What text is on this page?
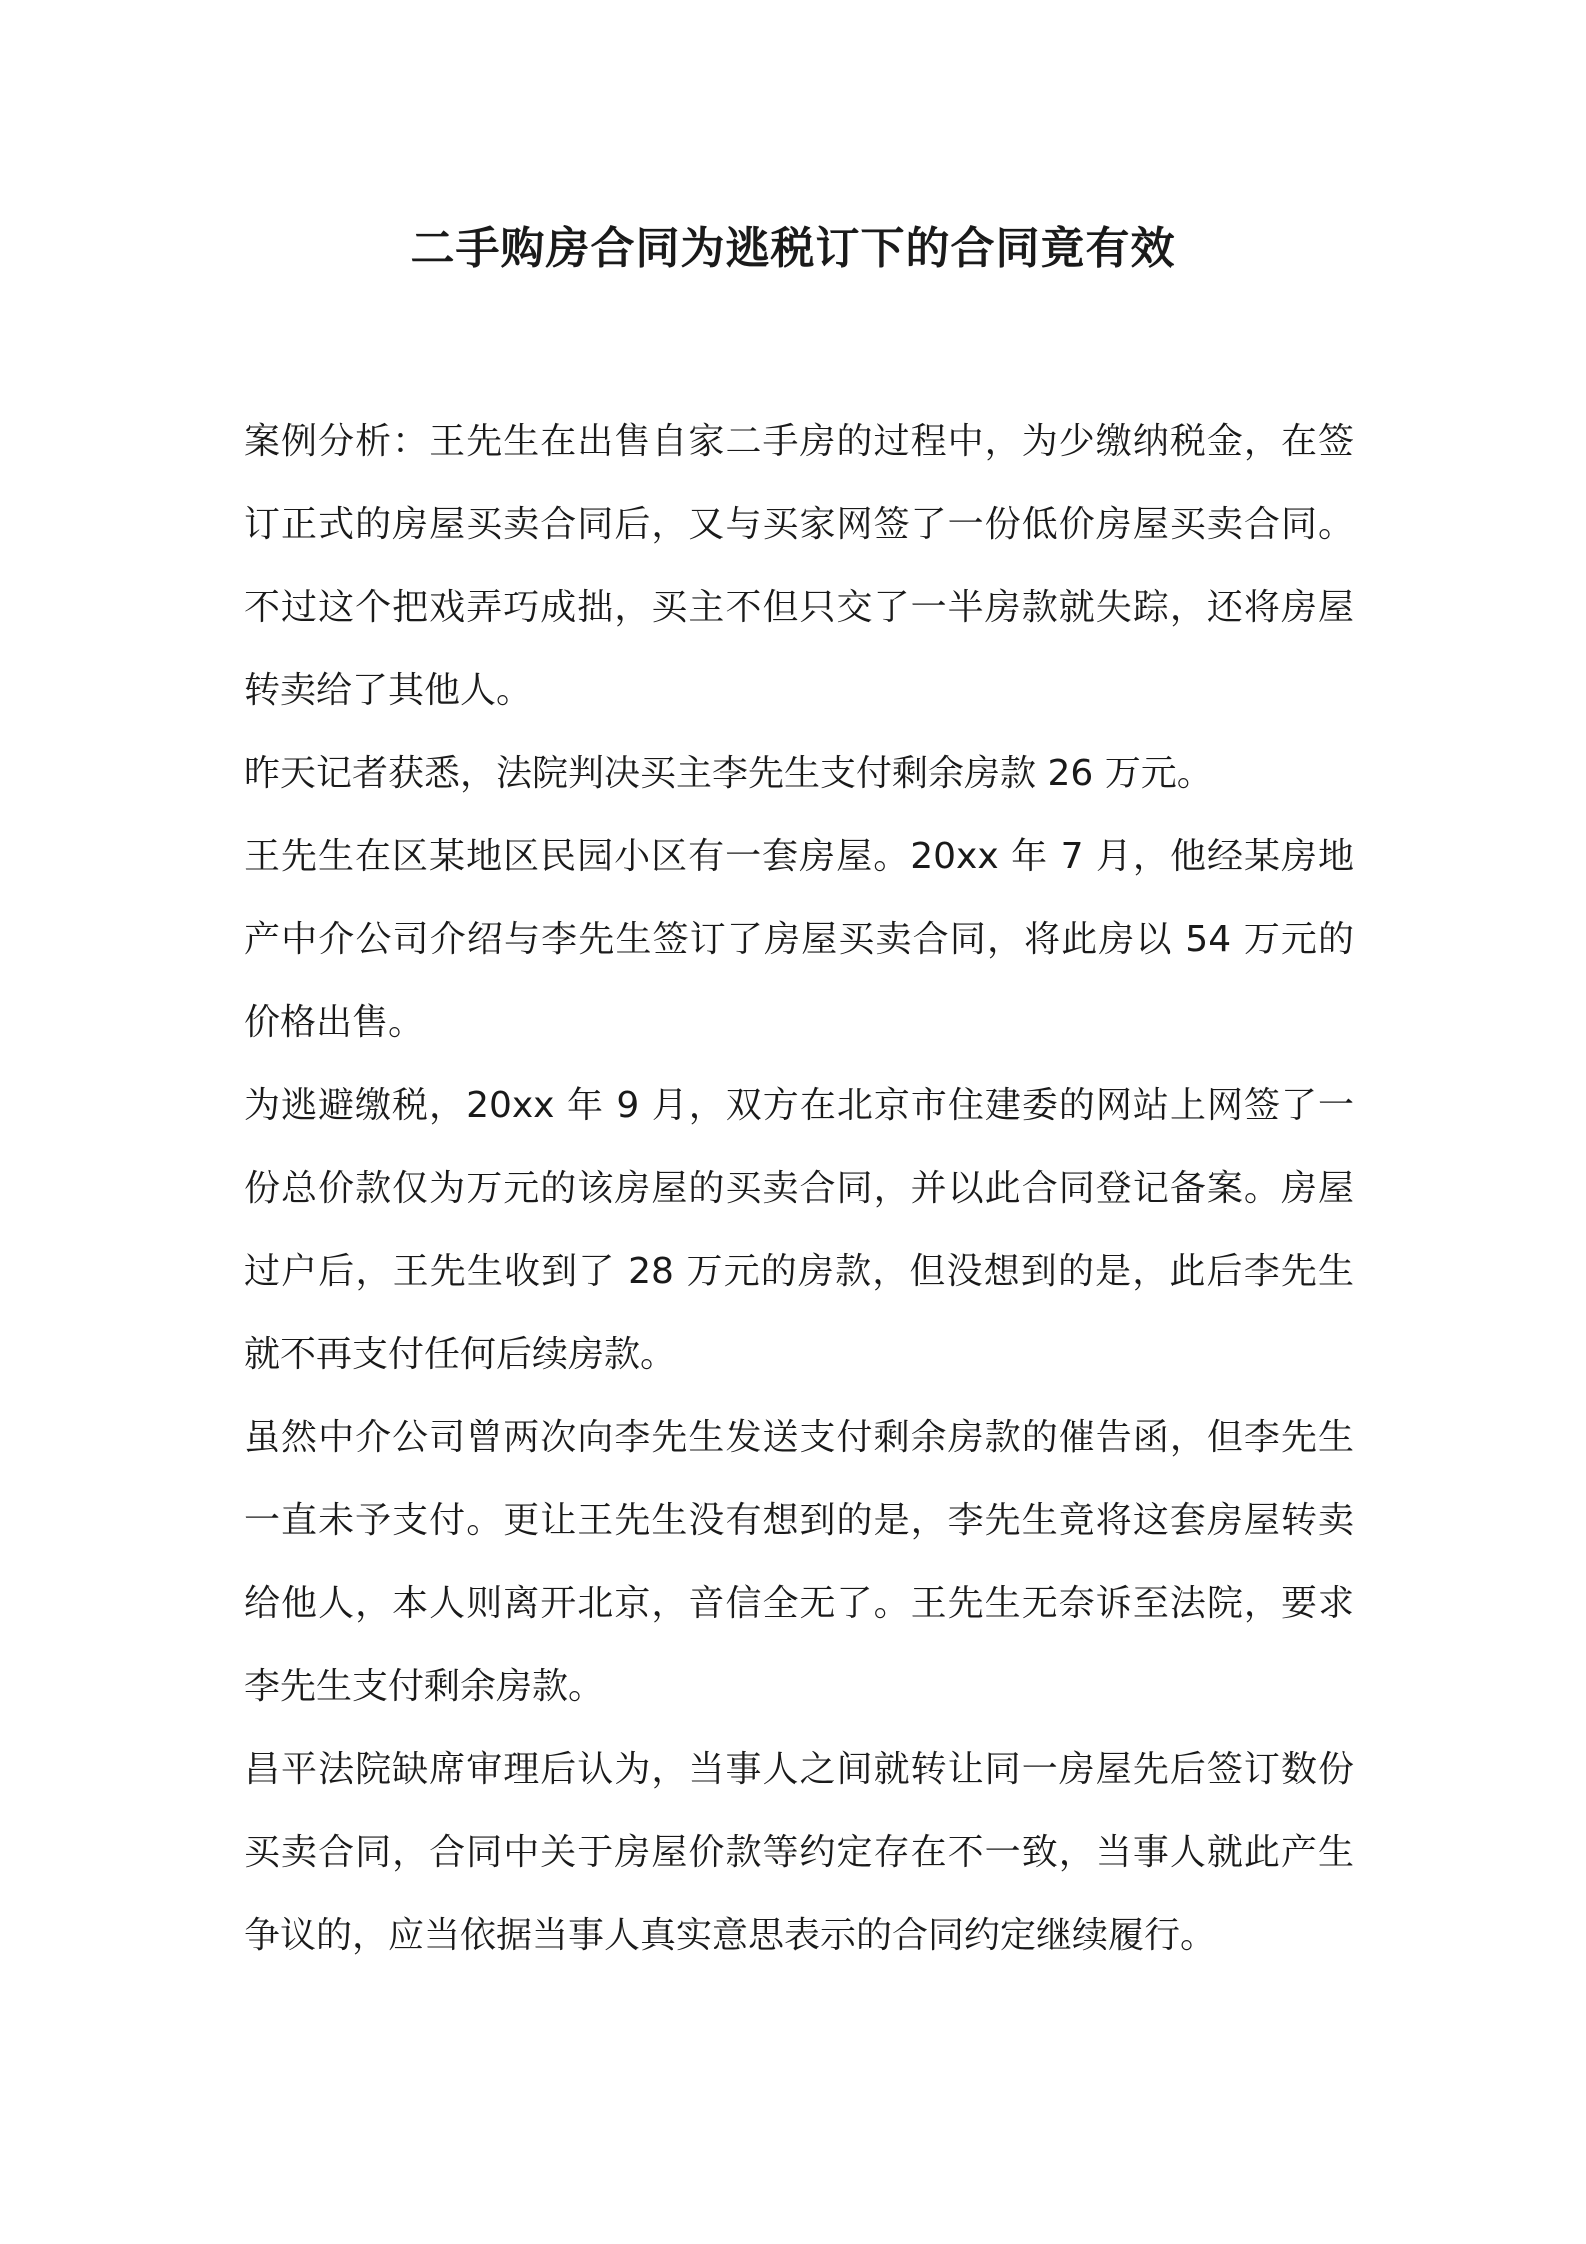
二手购房合同为逃税订下的合同竟有效

案例分析：王先生在出售自家二手房的过程中，为少缴纳税金，在签订正式的房屋买卖合同后，又与买家网签了一份低价房屋买卖合同。不过这个把戏弄巧成拙，买主不但只交了一半房款就失踪，还将房屋转卖给了其他人。

昨天记者获悉，法院判决买主李先生支付剩余房款 26 万元。

王先生在区某地区民园小区有一套房屋。20xx 年 7 月，他经某房地产中介公司介绍与李先生签订了房屋买卖合同，将此房以 54 万元的价格出售。

为逃避缴税，20xx 年 9 月，双方在北京市住建委的网站上网签了一份总价款仅为万元的该房屋的买卖合同，并以此合同登记备案。房屋过户后，王先生收到了 28 万元的房款，但没想到的是，此后李先生就不再支付任何后续房款。

虽然中介公司曾两次向李先生发送支付剩余房款的催告函，但李先生一直未予支付。更让王先生没有想到的是，李先生竟将这套房屋转卖给他人，本人则离开北京，音信全无了。王先生无奈诉至法院，要求李先生支付剩余房款。

昌平法院缺席审理后认为，当事人之间就转让同一房屋先后签订数份买卖合同，合同中关于房屋价款等约定存在不一致，当事人就此产生争议的，应当依据当事人真实意思表示的合同约定继续履行。
